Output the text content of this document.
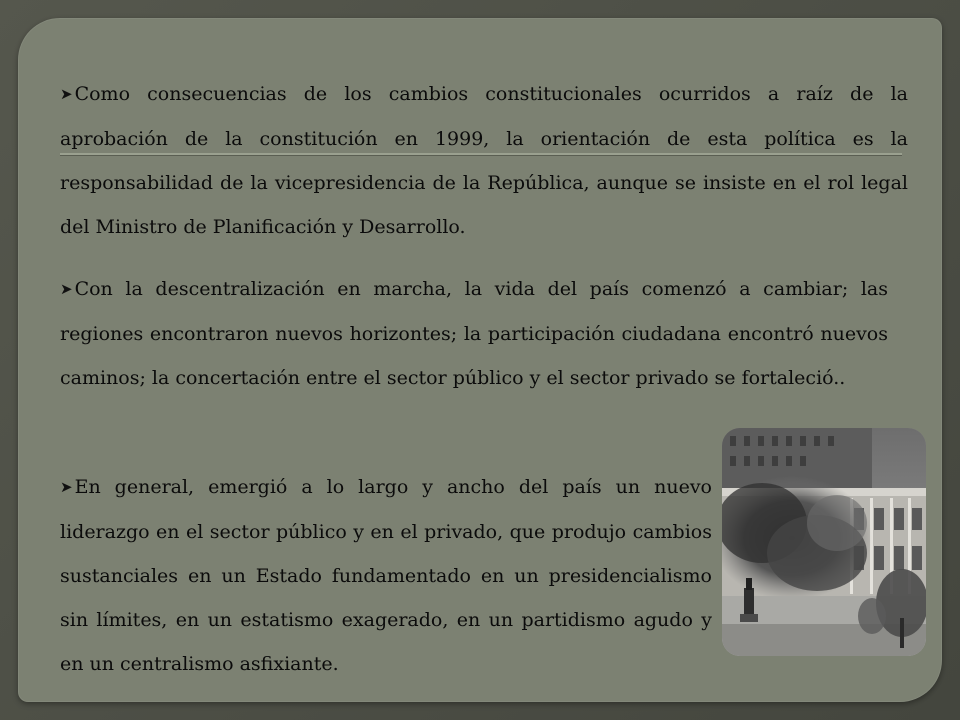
➤ Como consecuencias de los cambios constitucionales ocurridos a raíz de la aprobación de la constitución en 1999, la orientación de esta política es la responsabilidad de la vicepresidencia de la República, aunque se insiste en el rol legal del Ministro de Planificación y Desarrollo.

➤ Con la descentralización en marcha, la vida del país comenzó a cambiar; las regiones encontraron nuevos horizontes; la participación ciudadana encontró nuevos caminos; la concertación entre el sector público y el sector privado se fortaleció..

➤ En general, emergió a lo largo y ancho del país un nuevo liderazgo en el sector público y en el privado, que produjo cambios sustanciales en un Estado fundamentado en un presidencialismo sin límites, en un estatismo exagerado, en un partidismo agudo y en un centralismo asfixiante.
